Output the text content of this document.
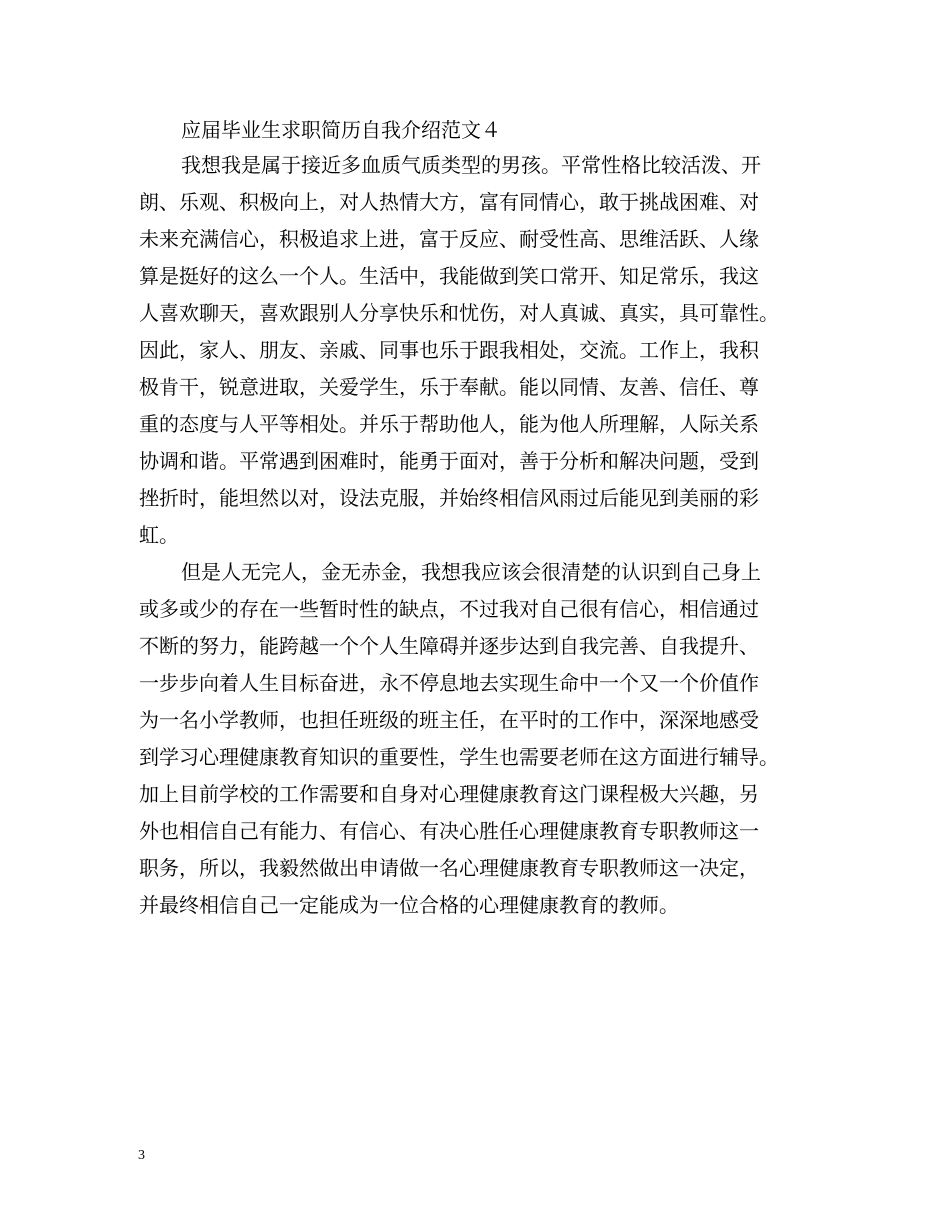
应届毕业生求职简历自我介绍范文４
我想我是属于接近多血质气质类型的男孩。平常性格比较活泼、开
朗、乐观、积极向上，对人热情大方，富有同情心，敢于挑战困难、对
未来充满信心，积极追求上进，富于反应、耐受性高、思维活跃、人缘
算是挺好的这么一个人。生活中，我能做到笑口常开、知足常乐，我这
人喜欢聊天，喜欢跟别人分享快乐和忧伤，对人真诚、真实，具可靠性。
因此，家人、朋友、亲戚、同事也乐于跟我相处，交流。工作上，我积
极肯干，锐意进取，关爱学生，乐于奉献。能以同情、友善、信任、尊
重的态度与人平等相处。并乐于帮助他人，能为他人所理解，人际关系
协调和谐。平常遇到困难时，能勇于面对，善于分析和解决问题，受到
挫折时，能坦然以对，设法克服，并始终相信风雨过后能见到美丽的彩
虹。
但是人无完人，金无赤金，我想我应该会很清楚的认识到自己身上
或多或少的存在一些暂时性的缺点，不过我对自己很有信心，相信通过
不断的努力，能跨越一个个人生障碍并逐步达到自我完善、自我提升、
一步步向着人生目标奋进，永不停息地去实现生命中一个又一个价值作
为一名小学教师，也担任班级的班主任，在平时的工作中，深深地感受
到学习心理健康教育知识的重要性，学生也需要老师在这方面进行辅导。
加上目前学校的工作需要和自身对心理健康教育这门课程极大兴趣，另
外也相信自己有能力、有信心、有决心胜任心理健康教育专职教师这一
职务，所以，我毅然做出申请做一名心理健康教育专职教师这一决定，
并最终相信自己一定能成为一位合格的心理健康教育的教师。
3
